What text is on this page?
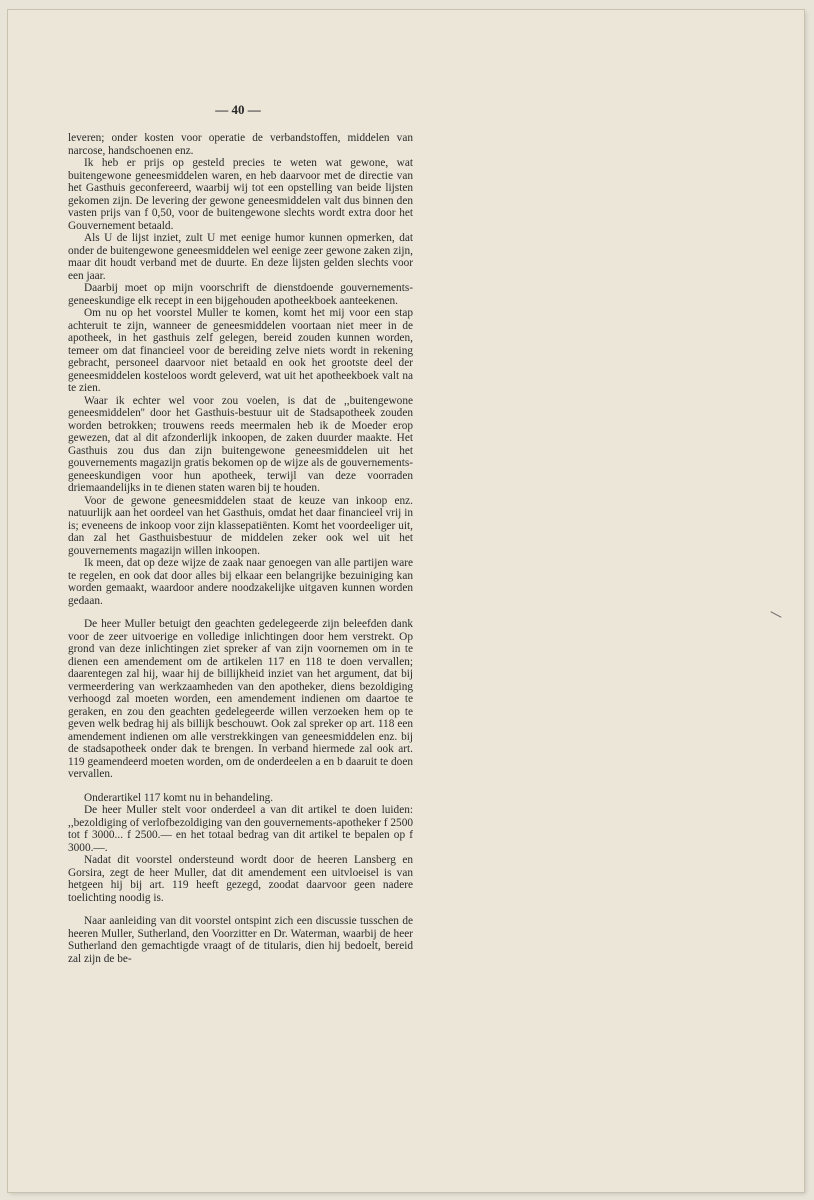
— 40 —

leveren; onder kosten voor operatie de verbandstoffen, middelen van narcose, handschoenen enz.

Ik heb er prijs op gesteld precies te weten wat gewone, wat buitengewone geneesmiddelen waren, en heb daarvoor met de directie van het Gasthuis geconfereerd, waarbij wij tot een opstelling van beide lijsten gekomen zijn. De levering der gewone geneesmiddelen valt dus binnen den vasten prijs van f 0,50, voor de buitengewone slechts wordt extra door het Gouvernement betaald.

Als U de lijst inziet, zult U met eenige humor kunnen opmerken, dat onder de buitengewone geneesmiddelen wel eenige zeer gewone zaken zijn, maar dit houdt verband met de duurte. En deze lijsten gelden slechts voor een jaar.

Daarbij moet op mijn voorschrift de dienstdoende gouvernements-geneeskundige elk recept in een bijgehouden apotheekboek aanteekenen.

Om nu op het voorstel Muller te komen, komt het mij voor een stap achteruit te zijn, wanneer de geneesmiddelen voortaan niet meer in de apotheek, in het gasthuis zelf gelegen, bereid zouden kunnen worden, temeer om dat financieel voor de bereiding zelve niets wordt in rekening gebracht, personeel daarvoor niet betaald en ook het grootste deel der geneesmiddelen kosteloos wordt geleverd, wat uit het apotheekboek valt na te zien.

Waar ik echter wel voor zou voelen, is dat de ,,buitengewone geneesmiddelen'' door het Gasthuis-bestuur uit de Stadsapotheek zouden worden betrokken; trouwens reeds meermalen heb ik de Moeder erop gewezen, dat al dit afzonderlijk inkoopen, de zaken duurder maakte. Het Gasthuis zou dus dan zijn buitengewone geneesmiddelen uit het gouvernements magazijn gratis bekomen op de wijze als de gouvernements-geneeskundigen voor hun apotheek, terwijl van deze voorraden driemaandelijks in te dienen staten waren bij te houden.

Voor de gewone geneesmiddelen staat de keuze van inkoop enz. natuurlijk aan het oordeel van het Gasthuis, omdat het daar financieel vrij in is; eveneens de inkoop voor zijn klassepatiënten. Komt het voordeeliger uit, dan zal het Gasthuisbestuur de middelen zeker ook wel uit het gouvernements magazijn willen inkoopen.

Ik meen, dat op deze wijze de zaak naar genoegen van alle partijen ware te regelen, en ook dat door alles bij elkaar een belangrijke bezuiniging kan worden gemaakt, waardoor andere noodzakelijke uitgaven kunnen worden gedaan.

De heer Muller betuigt den geachten gedelegeerde zijn beleefden dank voor de zeer uitvoerige en volledige inlichtingen door hem verstrekt. Op grond van deze inlichtingen ziet spreker af van zijn voornemen om in te dienen een amendement om de artikelen 117 en 118 te doen vervallen; daarentegen zal hij, waar hij de billijkheid inziet van het argument, dat bij vermeerdering van werkzaamheden van den apotheker, diens bezoldiging verhoogd zal moeten worden, een amendement indienen om daartoe te geraken, en zou den geachten gedelegeerde willen verzoeken hem op te geven welk bedrag hij als billijk beschouwt. Ook zal spreker op art. 118 een amendement indienen om alle verstrekkingen van geneesmiddelen enz. bij de stadsapotheek onder dak te brengen. In verband hiermede zal ook art. 119 geamendeerd moeten worden, om de onderdeelen a en b daaruit te doen vervallen.

Onderartikel 117 komt nu in behandeling.

De heer Muller stelt voor onderdeel a van dit artikel te doen luiden: ,,bezoldiging of verlofbezoldiging van den gouvernements-apotheker f 2500 tot f 3000... f 2500.— en het totaal bedrag van dit artikel te bepalen op f 3000.—.

Nadat dit voorstel ondersteund wordt door de heeren Lansberg en Gorsira, zegt de heer Muller, dat dit amendement een uitvloeisel is van hetgeen hij bij art. 119 heeft gezegd, zoodat daarvoor geen nadere toelichting noodig is.

Naar aanleiding van dit voorstel ontspint zich een discussie tusschen de heeren Muller, Sutherland, den Voorzitter en Dr. Waterman, waarbij de heer Sutherland den gemachtigde vraagt of de titularis, dien hij bedoelt, bereid zal zijn de be-
